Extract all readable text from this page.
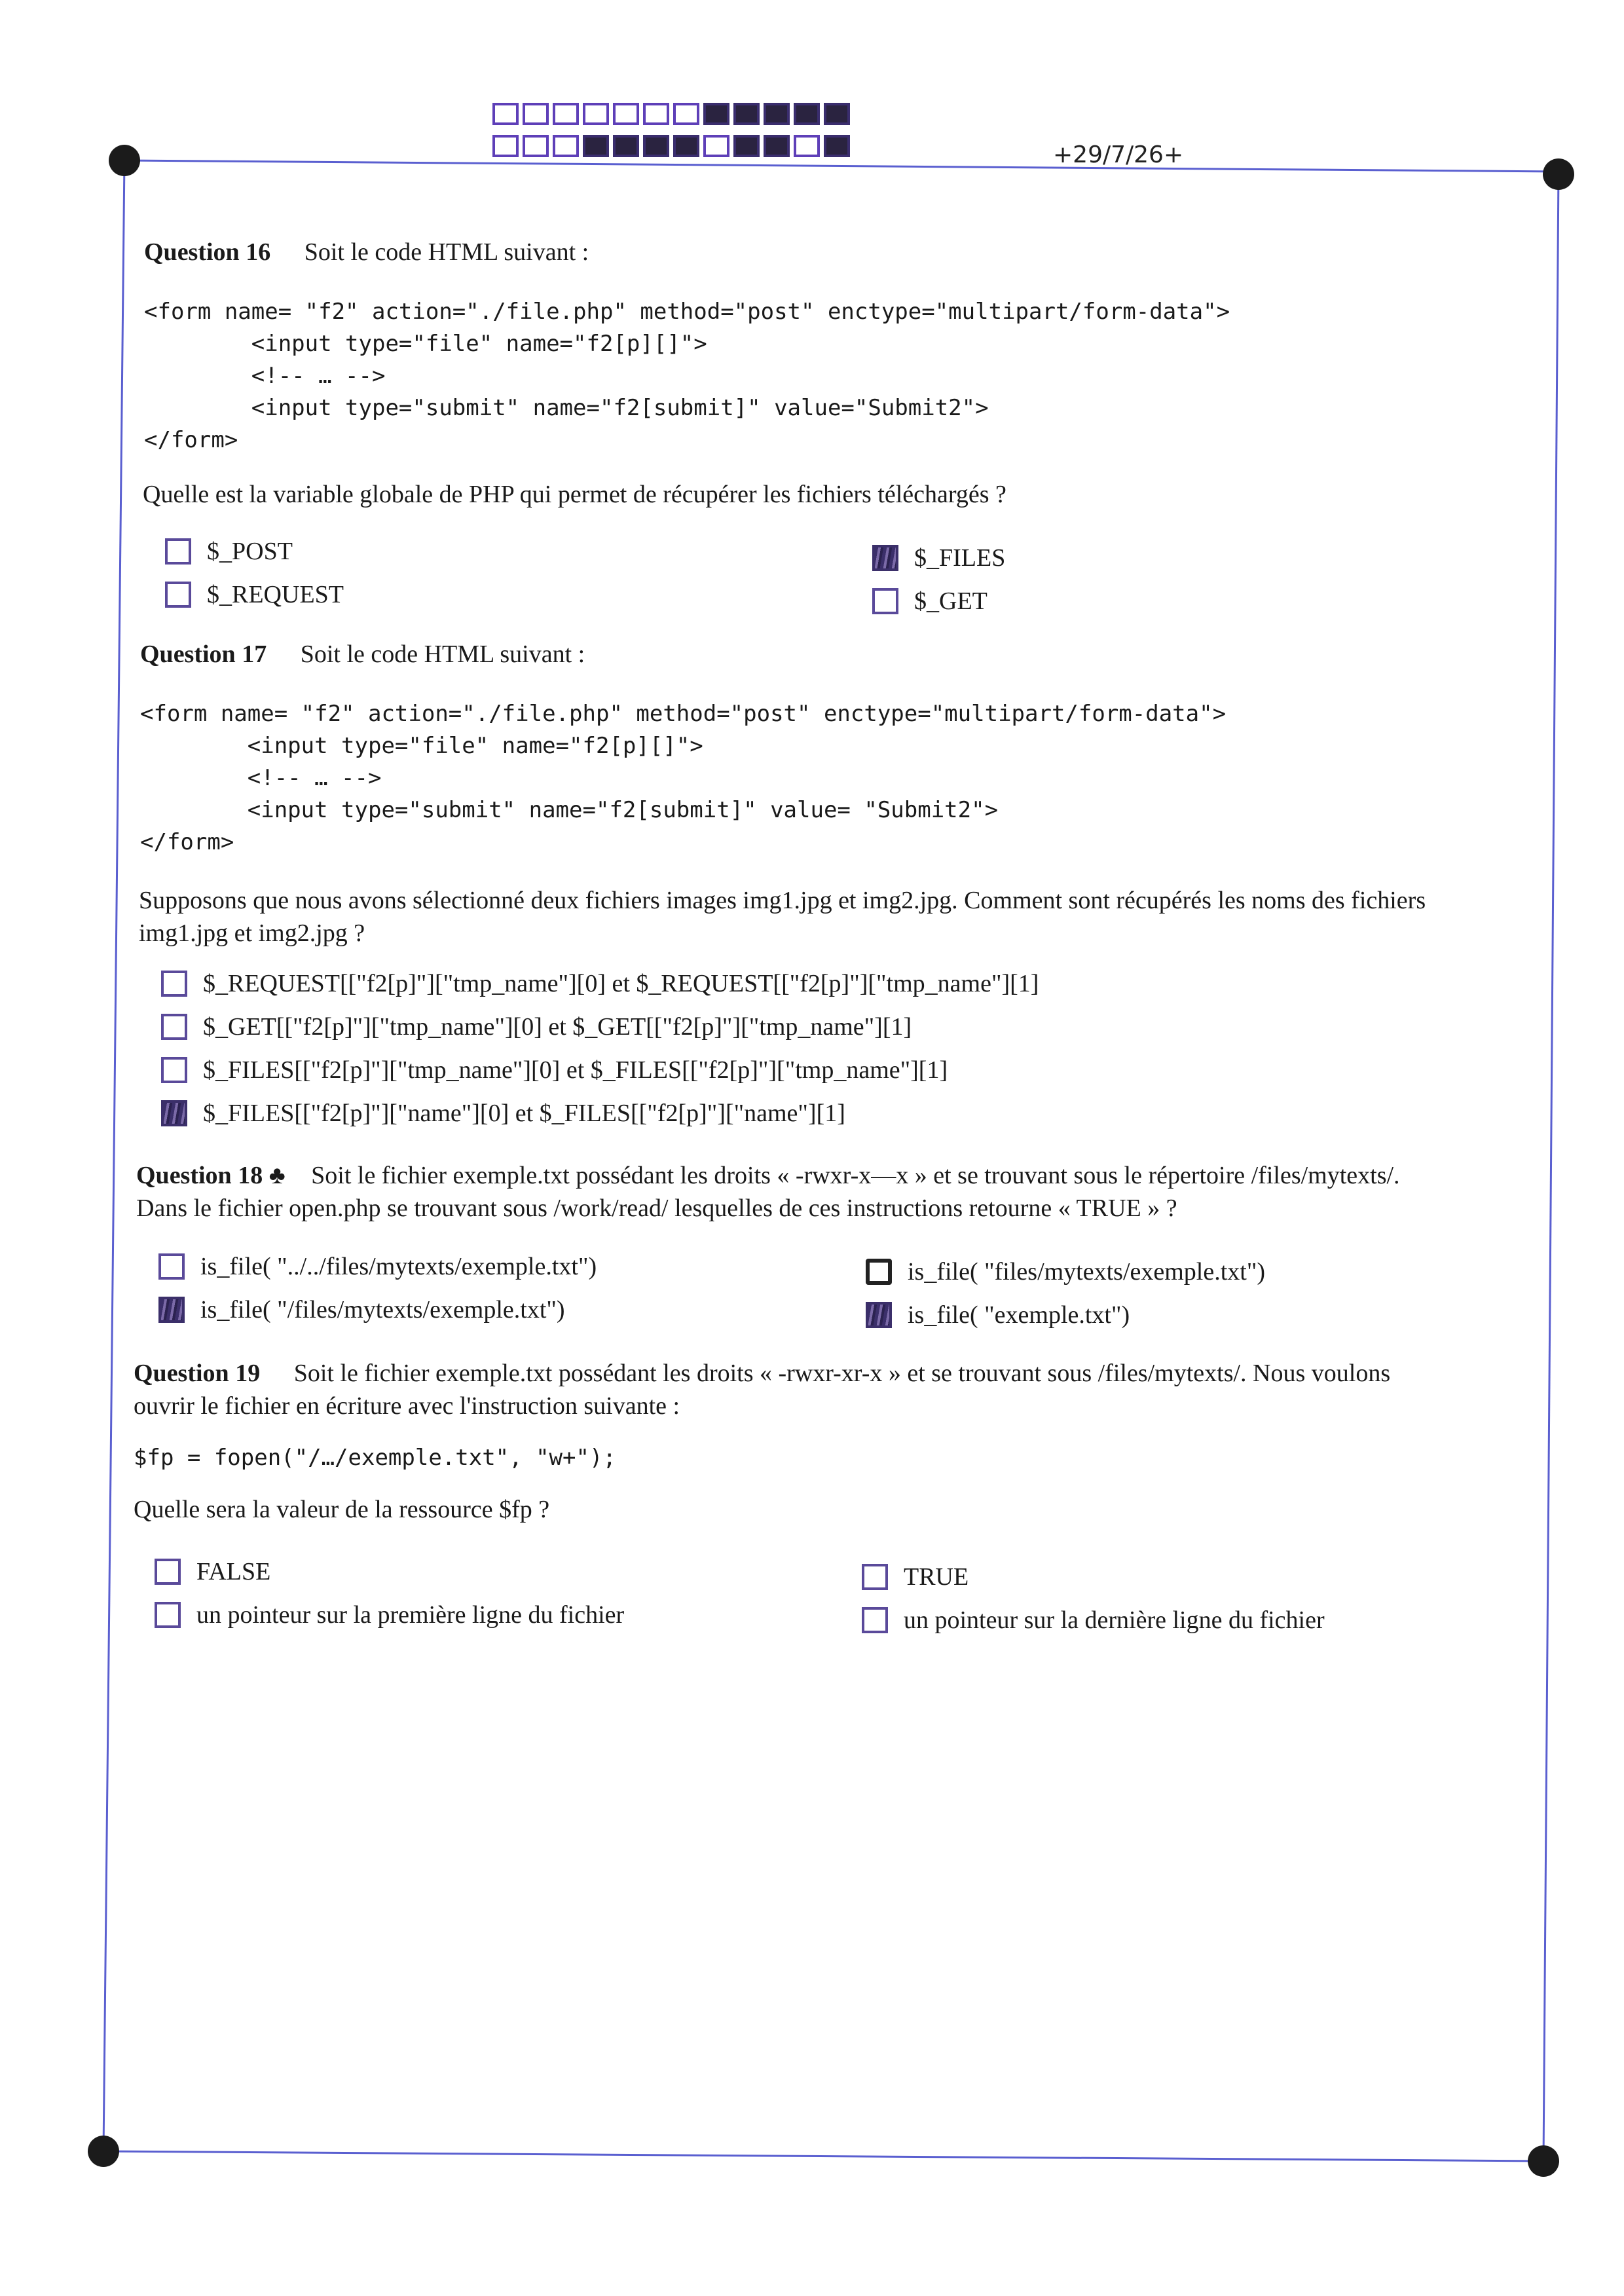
+29/7/26+
Question 16 Soit le code HTML suivant :
<form name= "f2" action="./file.php" method="post" enctype="multipart/form-data">
<input type="file" name="f2[p][]">
<!-- … -->
<input type="submit" name="f2[submit]" value="Submit2">
</form>
Quelle est la variable globale de PHP qui permet de récupérer les fichiers téléchargés ?
$_POST
$_REQUEST
$_FILES
$_GET
Question 17 Soit le code HTML suivant :
<form name= "f2" action="./file.php" method="post" enctype="multipart/form-data">
<input type="file" name="f2[p][]">
<!-- … -->
<input type="submit" name="f2[submit]" value= "Submit2">
</form>
Supposons que nous avons sélectionné deux fichiers images img1.jpg et img2.jpg. Comment sont récupérés les noms des fichiers img1.jpg et img2.jpg ?
$_REQUEST[["f2[p]"]["tmp_name"][0] et $_REQUEST[["f2[p]"]["tmp_name"][1]
$_GET[["f2[p]"]["tmp_name"][0] et $_GET[["f2[p]"]["tmp_name"][1]
$_FILES[["f2[p]"]["tmp_name"][0] et $_FILES[["f2[p]"]["tmp_name"][1]
$_FILES[["f2[p]"]["name"][0] et $_FILES[["f2[p]"]["name"][1]
Question 18 ♣ Soit le fichier exemple.txt possédant les droits « -rwxr-x—x » et se trouvant sous le répertoire /files/mytexts/.
Dans le fichier open.php se trouvant sous /work/read/ lesquelles de ces instructions retourne « TRUE » ?
is_file( "../../files/mytexts/exemple.txt")
is_file( "/files/mytexts/exemple.txt")
is_file( "files/mytexts/exemple.txt")
is_file( "exemple.txt")
Question 19 Soit le fichier exemple.txt possédant les droits « -rwxr-xr-x » et se trouvant sous /files/mytexts/. Nous voulons
ouvrir le fichier en écriture avec l'instruction suivante :
$fp = fopen("/…/exemple.txt", "w+");
Quelle sera la valeur de la ressource $fp ?
FALSE
un pointeur sur la première ligne du fichier
TRUE
un pointeur sur la dernière ligne du fichier
